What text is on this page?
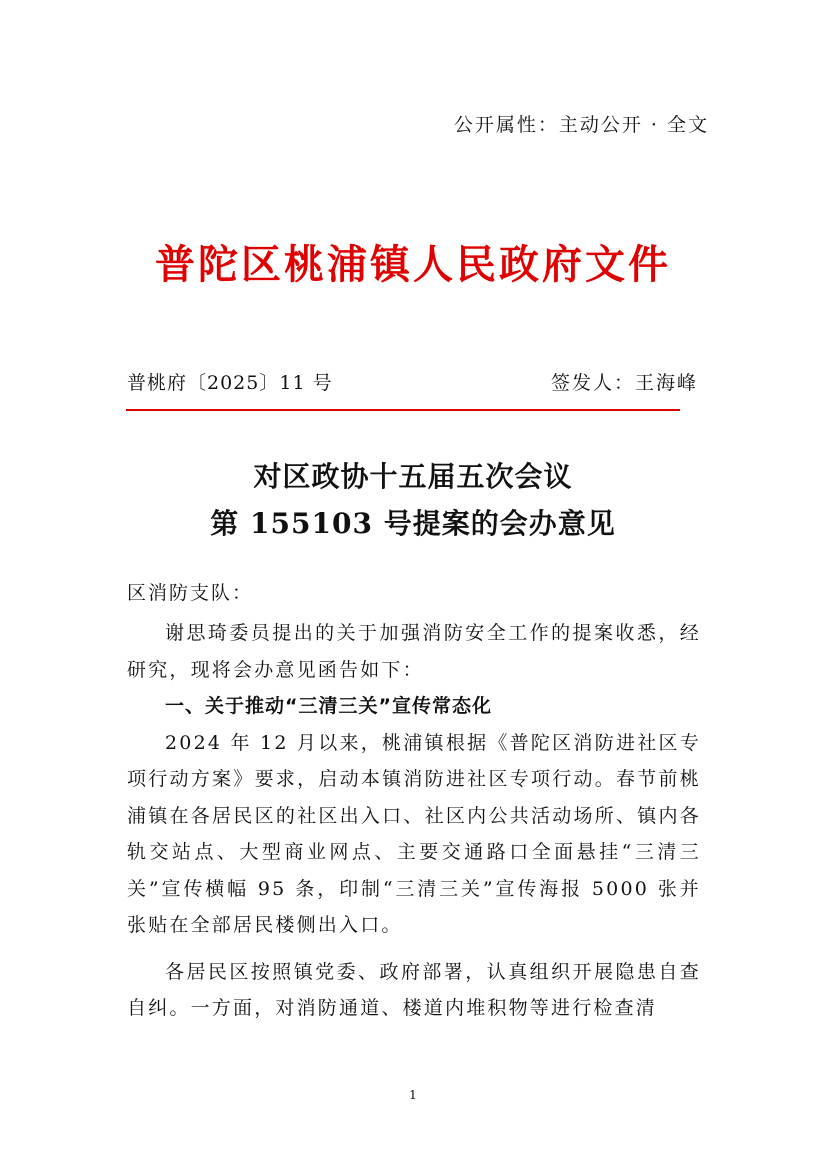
公开属性：主动公开 · 全文
普陀区桃浦镇人民政府文件
普桃府〔2025〕11 号	签发人：王海峰
对区政协十五届五次会议
第 155103 号提案的会办意见
区消防支队：

谢思琦委员提出的关于加强消防安全工作的提案收悉，经研究，现将会办意见函告如下：

一、关于推动“三清三关”宣传常态化

2024 年 12 月以来，桃浦镇根据《普陀区消防进社区专项行动方案》要求，启动本镇消防进社区专项行动。春节前桃浦镇在各居民区的社区出入口、社区内公共活动场所、镇内各轨交站点、大型商业网点、主要交通路口全面悬挂“三清三关”宣传横幅 95 条，印制“三清三关”宣传海报 5000 张并张贴在全部居民楼侧出入口。

各居民区按照镇党委、政府部署，认真组织开展隐患自查自纠。一方面，对消防通道、楼道内堆积物等进行检查清

1
